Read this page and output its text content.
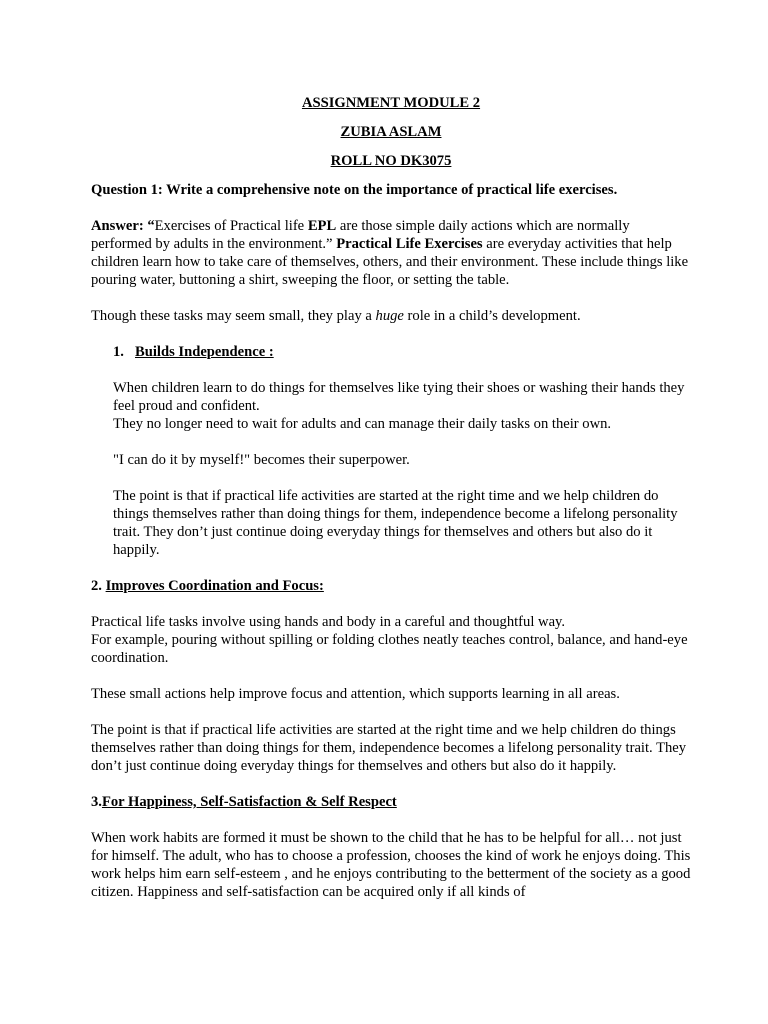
ASSIGNMENT MODULE 2

ZUBIA ASLAM

ROLL NO DK3075

Question 1: Write a comprehensive note on the importance of practical life exercises.

Answer: “Exercises of Practical life EPL are those simple daily actions which are normally performed by adults in the environment.” Practical Life Exercises are everyday activities that help children learn how to take care of themselves, others, and their environment. These include things like pouring water, buttoning a shirt, sweeping the floor, or setting the table.

Though these tasks may seem small, they play a huge role in a child’s development.

1. Builds Independence :

When children learn to do things for themselves like tying their shoes or washing their hands they feel proud and confident.
They no longer need to wait for adults and can manage their daily tasks on their own.

"I can do it by myself!" becomes their superpower.

The point is that if practical life activities are started at the right time and we help children do things themselves rather than doing things for them, independence become a lifelong personality trait. They don’t just continue doing everyday things for themselves and others but also do it happily.

2. Improves Coordination and Focus:

Practical life tasks involve using hands and body in a careful and thoughtful way.
For example, pouring without spilling or folding clothes neatly teaches control, balance, and hand-eye coordination.

These small actions help improve focus and attention, which supports learning in all areas.

The point is that if practical life activities are started at the right time and we help children do things themselves rather than doing things for them, independence becomes a lifelong personality trait. They don’t just continue doing everyday things for themselves and others but also do it happily.

3.For Happiness, Self-Satisfaction & Self Respect

When work habits are formed it must be shown to the child that he has to be helpful for all… not just for himself. The adult, who has to choose a profession, chooses the kind of work he enjoys doing. This work helps him earn self-esteem , and he enjoys contributing to the betterment of the society as a good citizen. Happiness and self-satisfaction can be acquired only if all kinds of
